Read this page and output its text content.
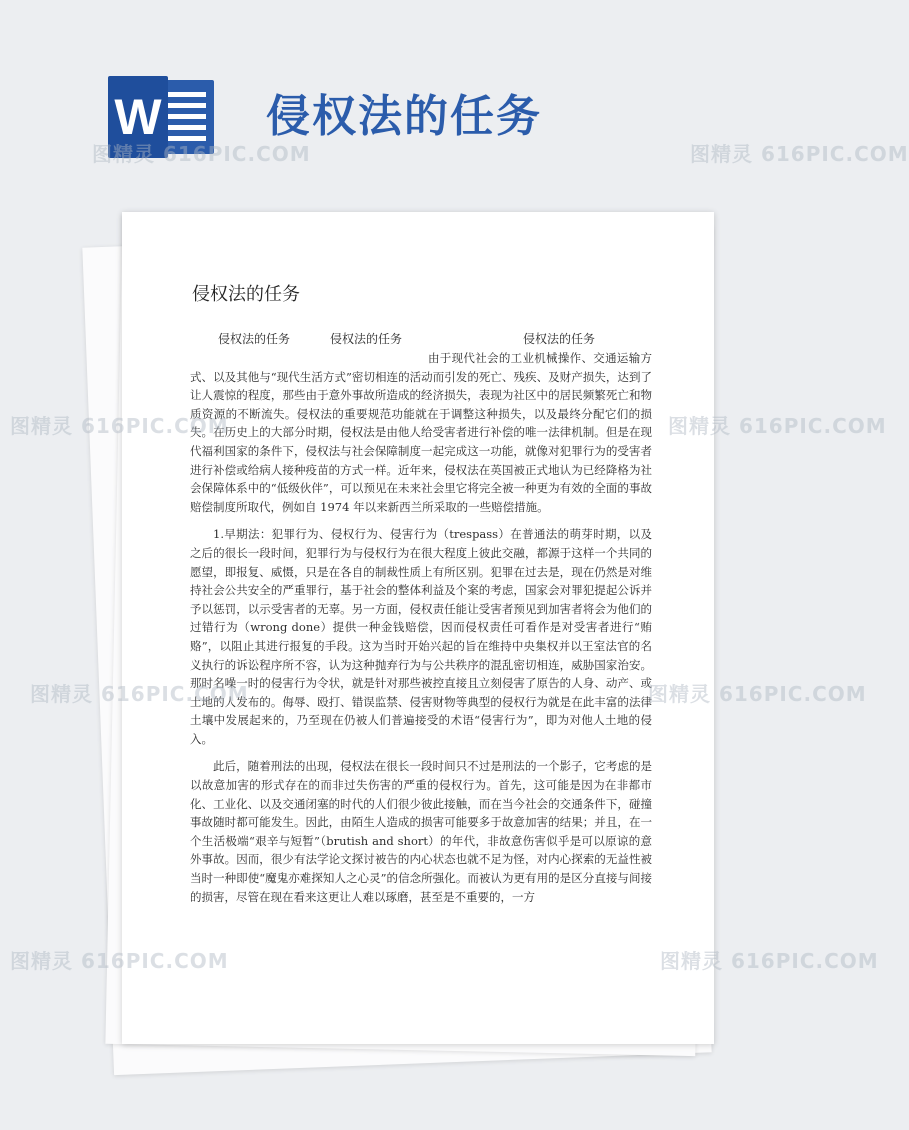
W 侵权法的任务
侵权法的任务
侵权法的任务	侵权法的任务	侵权法的任务

由于现代社会的工业机械操作、交通运输方式、以及其他与“现代生活方式”密切相连的活动而引发的死亡、残疾、及财产损失，达到了让人震惊的程度，那些由于意外事故所造成的经济损失，表现为社区中的居民频繁死亡和物质资源的不断流失。侵权法的重要规范功能就在于调整这种损失，以及最终分配它们的损失。在历史上的大部分时期，侵权法是由他人给受害者进行补偿的唯一法律机制。但是在现代福利国家的条件下，侵权法与社会保障制度一起完成这一功能，就像对犯罪行为的受害者进行补偿或给病人接种疫苗的方式一样。近年来，侵权法在英国被正式地认为已经降格为社会保障体系中的“低级伙伴”，可以预见在未来社会里它将完全被一种更为有效的全面的事故赔偿制度所取代，例如自 1974 年以来新西兰所采取的一些赔偿措施。

1.早期法：犯罪行为、侵权行为、侵害行为（trespass）在普通法的萌芽时期，以及之后的很长一段时间，犯罪行为与侵权行为在很大程度上彼此交融，都源于这样一个共同的愿望，即报复、威慑，只是在各自的制裁性质上有所区别。犯罪在过去是，现在仍然是对维持社会公共安全的严重罪行，基于社会的整体利益及个案的考虑，国家会对罪犯提起公诉并予以惩罚，以示受害者的无辜。另一方面，侵权责任能让受害者预见到加害者将会为他们的过错行为（wrong done）提供一种金钱赔偿，因而侵权责任可看作是对受害者进行“贿赂”，以阻止其进行报复的手段。这为当时开始兴起的旨在维持中央集权并以王室法官的名义执行的诉讼程序所不容，认为这种抛弃行为与公共秩序的混乱密切相连，威胁国家治安。那时名噪一时的侵害行为令状，就是针对那些被控直接且立刻侵害了原告的人身、动产、或土地的人发布的。侮辱、殴打、错误监禁、侵害财物等典型的侵权行为就是在此丰富的法律土壤中发展起来的，乃至现在仍被人们普遍接受的术语“侵害行为”，即为对他人土地的侵入。

此后，随着刑法的出现，侵权法在很长一段时间只不过是刑法的一个影子，它考虑的是以故意加害的形式存在的而非过失伤害的严重的侵权行为。首先，这可能是因为在非都市化、工业化、以及交通闭塞的时代的人们很少彼此接触，而在当今社会的交通条件下，碰撞事故随时都可能发生。因此，由陌生人造成的损害可能要多于故意加害的结果；并且，在一个生活极端“艰辛与短暂”（brutish and short）的年代，非故意伤害似乎是可以原谅的意外事故。因而，很少有法学论文探讨被告的内心状态也就不足为怪，对内心探索的无益性被当时一种即使“魔鬼亦难探知人之心灵”的信念所强化。而被认为更有用的是区分直接与间接的损害，尽管在现在看来这更让人难以琢磨，甚至是不重要的，一方

图精灵 616PIC.COM	图精灵 616PIC.COM
图精灵 616PIC.COM	图精灵 616PIC.COM
图精灵 616PIC.COM	图精灵 616PIC.COM
图精灵 616PIC.COM	图精灵 616PIC.COM
